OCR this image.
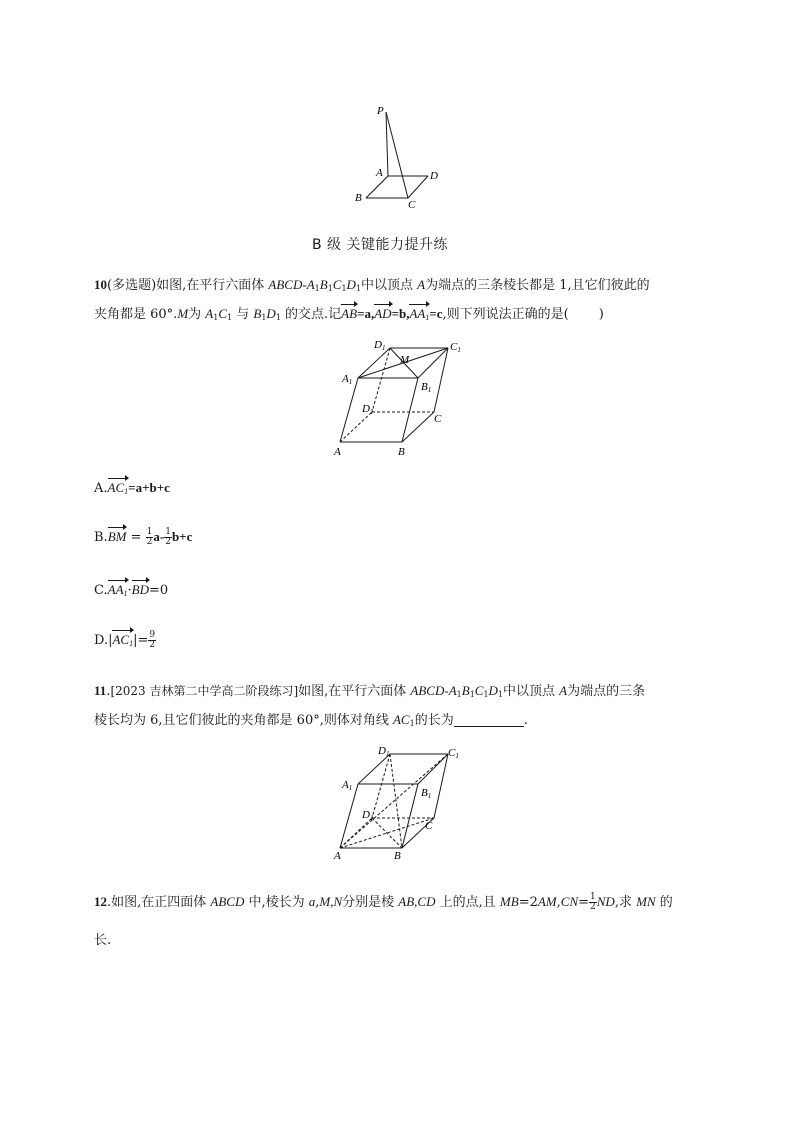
P
A
B
C
D
B 级 关键能力提升练
10(多选题)如图,在平行六面体 ABCD-$A_1B_1C_1D_1$中以顶点 A为端点的三条棱长都是 1,且它们彼此的
夹角都是 60°.M为 $A_1C_1$ 与 $B_1D_1$ 的交点.记$AB=a,AD=b,AA_1=c$,则下列说法正确的是( )
D1	C1
M
A1	B1
D1
C
A	B
$A.AC_1=a+b+c$
$B.BM = \frac{1}{2} a- \frac{1}{2} b+c$
$C.AA_1\cdot BD=0$
$D.|AC_1|= \frac{9}{2}$
11.[2023 吉林第二中学高二阶段练习]如图,在平行六面体 ABCD-$A_1B_1C_1D_1$中以顶点 A为端点的三条
棱长均为 6,且它们彼此的夹角都是 60°,则体对角线 $AC_1$的长为	.
D1	C1
A1	B1
D1
C
A	B
12.如图,在正四面体 ABCD 中,棱长为 a,M,N分别是棱 AB,CD 上的点,且 $MB=2AM,CN= \frac{1}{2}$ ND,求 MN 的
长.
